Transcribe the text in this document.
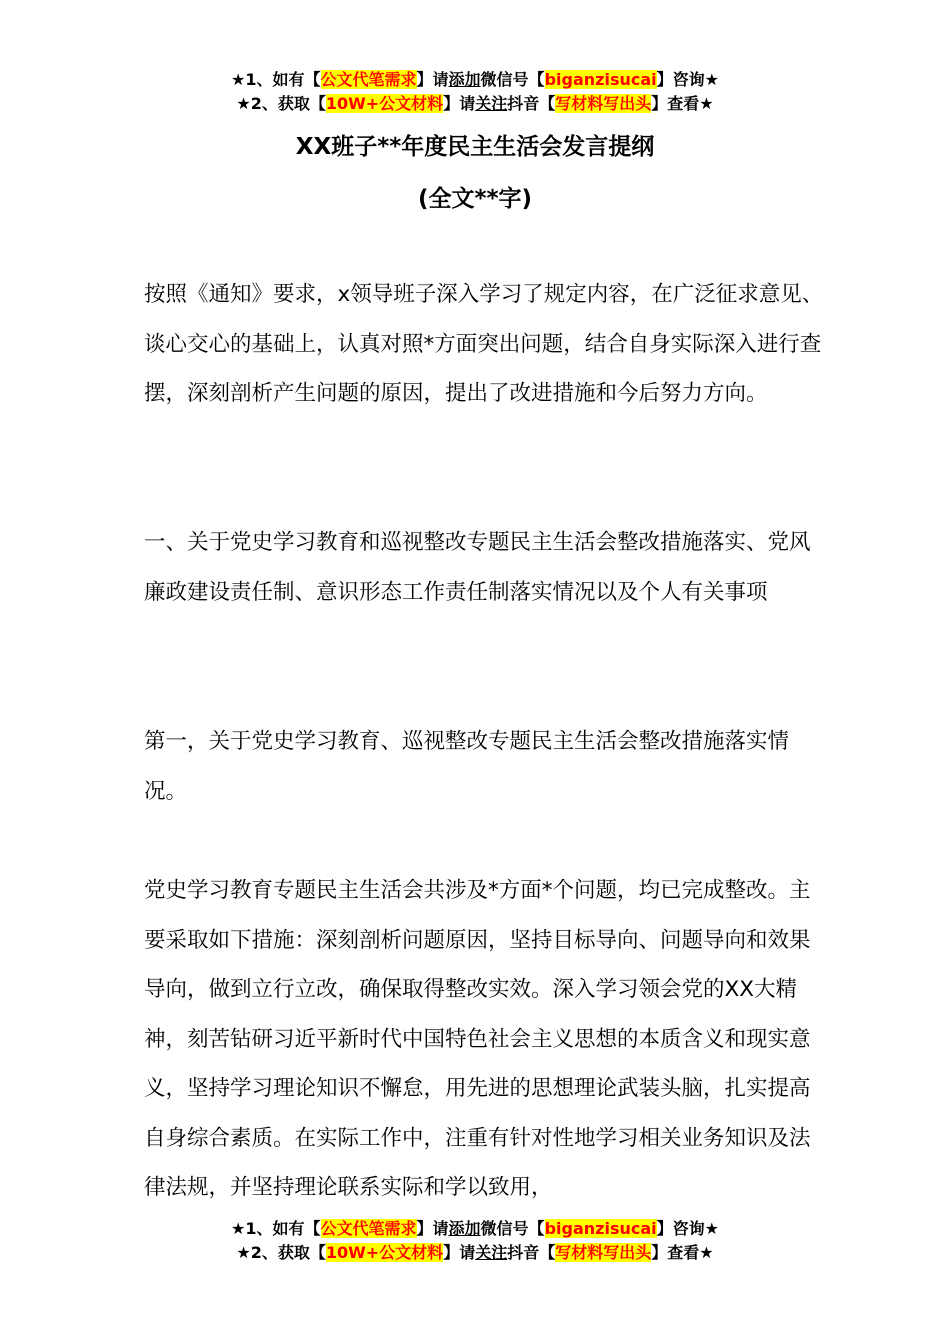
★1、如有【公文代笔需求】请添加微信号【biganzisucai】咨询★
★2、获取【10W+公文材料】请关注抖音【写材料写出头】查看★
XX班子**年度民主生活会发言提纲
(全文**字)
按照《通知》要求，x领导班子深入学习了规定内容，在广泛征求意见、谈心交心的基础上，认真对照*方面突出问题，结合自身实际深入进行查摆，深刻剖析产生问题的原因，提出了改进措施和今后努力方向。
一、关于党史学习教育和巡视整改专题民主生活会整改措施落实、党风廉政建设责任制、意识形态工作责任制落实情况以及个人有关事项
第一，关于党史学习教育、巡视整改专题民主生活会整改措施落实情况。
党史学习教育专题民主生活会共涉及*方面*个问题，均已完成整改。主要采取如下措施：深刻剖析问题原因，坚持目标导向、问题导向和效果导向，做到立行立改，确保取得整改实效。深入学习领会党的XX大精神，刻苦钻研习近平新时代中国特色社会主义思想的本质含义和现实意义，坚持学习理论知识不懈怠，用先进的思想理论武装头脑，扎实提高自身综合素质。在实际工作中，注重有针对性地学习相关业务知识及法律法规，并坚持理论联系实际和学以致用，
★1、如有【公文代笔需求】请添加微信号【biganzisucai】咨询★
★2、获取【10W+公文材料】请关注抖音【写材料写出头】查看★
